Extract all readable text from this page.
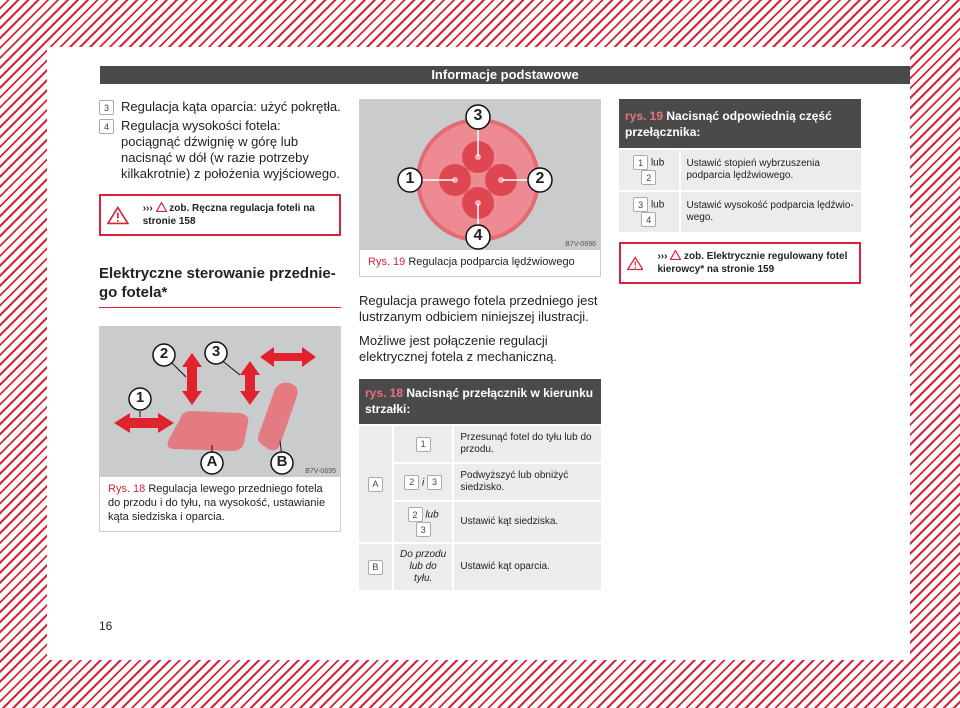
Informacje podstawowe
3 Regulacja kąta oparcia: użyć pokrętła.
4 Regulacja wysokości fotela: pociągnąć dźwignię w górę lub nacisnąć w dół (w razie potrzeby kilkakrotnie) z położenia wyjściowego.
››› zob. Ręczna regulacja foteli na stronie 158
Elektryczne sterowanie przedniego fotela*
2	3
1
A	B
B7V-0695
Rys. 18 Regulacja lewego przedniego fotela do przodu i do tyłu, na wysokość, ustawianie kąta siedziska i oparcia.
3
4
1	2
B7V-0696
Rys. 19 Regulacja podparcia lędźwiowego
Regulacja prawego fotela przedniego jest lustrzanym odbiciem niniejszej ilustracji.
Możliwe jest połączenie regulacji elektrycznej fotela z mechaniczną.
rys. 18 Nacisnąć przełącznik w kierunku strzałki:
A	1	Przesunąć fotel do tyłu lub do przodu.
	2 i 3	Podwyższyć lub obniżyć siedzisko.
	2 lub 3	Ustawić kąt siedziska.
B	Do przodu lub do tyłu.	Ustawić kąt oparcia.
rys. 19 Nacisnąć odpowiednią część przełącznika:
1 lub 2	Ustawić stopień wybrzuszenia podparcia lędźwiowego.
3 lub 4	Ustawić wysokość podparcia lędźwiowego.
››› zob. Elektrycznie regulowany fotel kierowcy* na stronie 159
16
